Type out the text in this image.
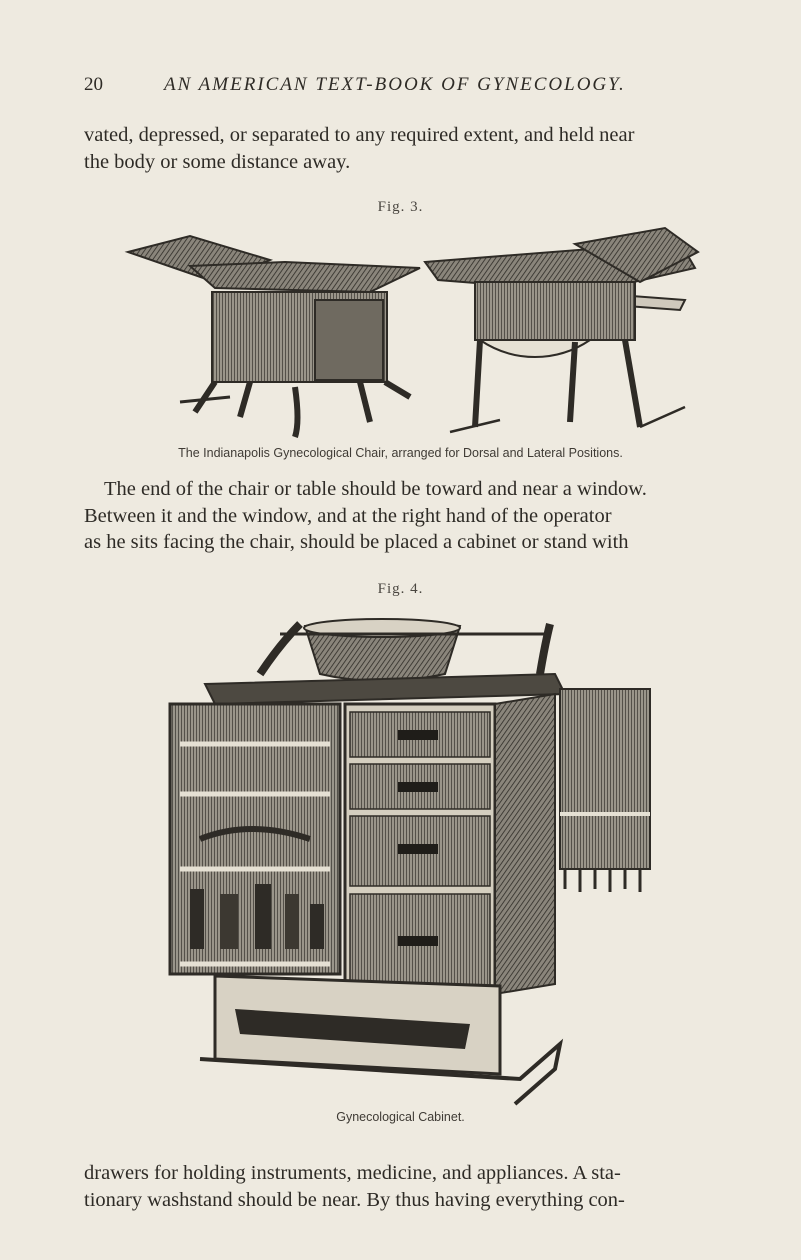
20	AN AMERICAN TEXT-BOOK OF GYNECOLOGY.

vated, depressed, or separated to any required extent, and held near
the body or some distance away.

Fig. 3.
The Indianapolis Gynecological Chair, arranged for Dorsal and Lateral Positions.

The end of the chair or table should be toward and near a window.
Between it and the window, and at the right hand of the operator
as he sits facing the chair, should be placed a cabinet or stand with

Fig. 4.
TRUAX GREENE & CO
Gynecological Cabinet.

drawers for holding instruments, medicine, and appliances. A sta-
tionary washstand should be near. By thus having everything con-
